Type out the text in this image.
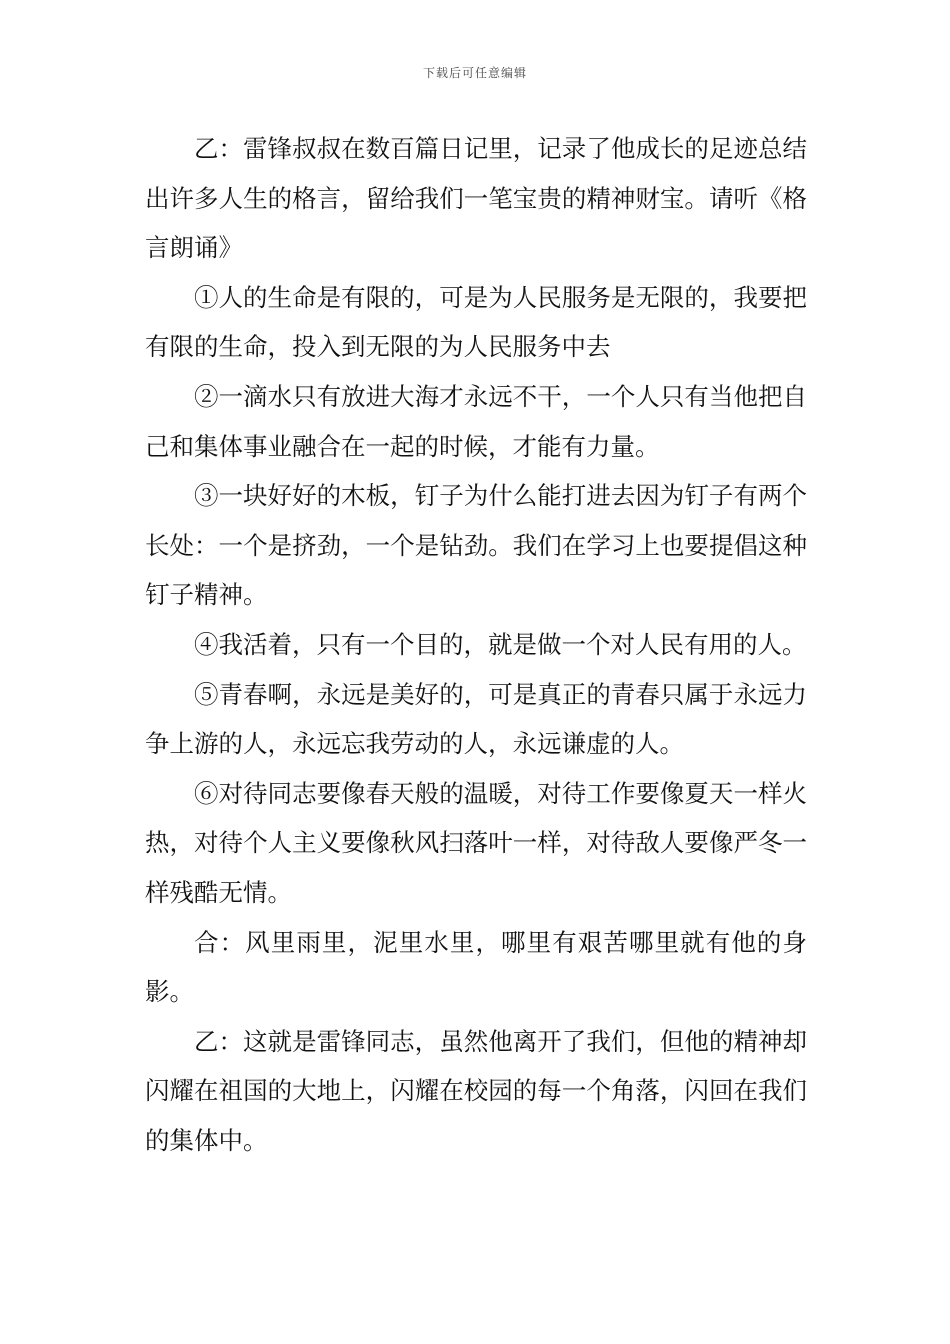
下载后可任意编辑

乙：雷锋叔叔在数百篇日记里，记录了他成长的足迹总结出许多人生的格言，留给我们一笔宝贵的精神财宝。请听《格言朗诵》

①人的生命是有限的，可是为人民服务是无限的，我要把有限的生命，投入到无限的为人民服务中去

②一滴水只有放进大海才永远不干，一个人只有当他把自己和集体事业融合在一起的时候，才能有力量。

③一块好好的木板，钉子为什么能打进去因为钉子有两个长处：一个是挤劲，一个是钻劲。我们在学习上也要提倡这种钉子精神。

④我活着，只有一个目的，就是做一个对人民有用的人。

⑤青春啊，永远是美好的，可是真正的青春只属于永远力争上游的人，永远忘我劳动的人，永远谦虚的人。

⑥对待同志要像春天般的温暖，对待工作要像夏天一样火热，对待个人主义要像秋风扫落叶一样，对待敌人要像严冬一样残酷无情。

合：风里雨里，泥里水里，哪里有艰苦哪里就有他的身影。

乙：这就是雷锋同志，虽然他离开了我们，但他的精神却闪耀在祖国的大地上，闪耀在校园的每一个角落，闪回在我们的集体中。
